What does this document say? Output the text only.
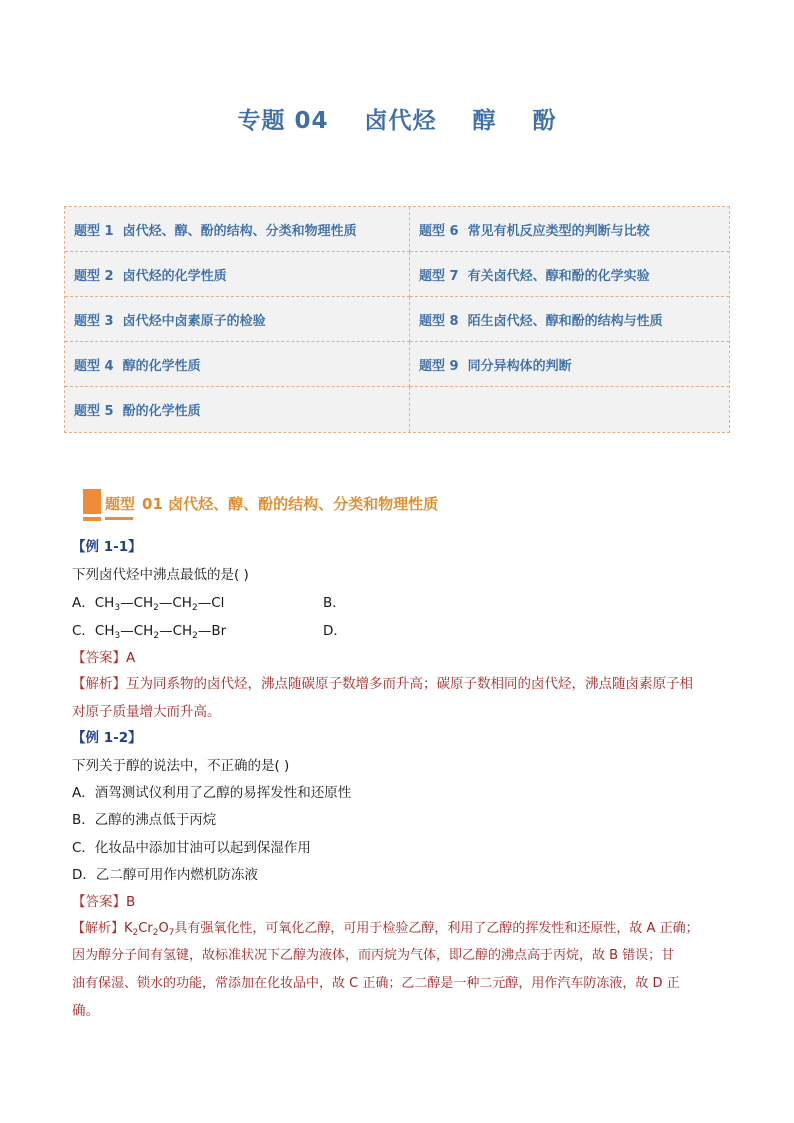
专题 04    卤代烃    醇    酚
题型 1 卤代烃、醇、酚的结构、分类和物理性质	题型 6 常见有机反应类型的判断与比较
题型 2 卤代烃的化学性质	题型 7 有关卤代烃、醇和酚的化学实验
题型 3 卤代烃中卤素原子的检验	题型 8 陌生卤代烃、醇和酚的结构与性质
题型 4 醇的化学性质	题型 9 同分异构体的判断
题型 5 酚的化学性质
题型 01 卤代烃、醇、酚的结构、分类和物理性质
【例 1-1】
下列卤代烃中沸点最低的是( )
A．$CH_3—CH_2—CH_2—Cl$	B．
C．$CH_3—CH_2—CH_2—Br$	D．
【答案】A
【解析】互为同系物的卤代烃，沸点随碳原子数增多而升高；碳原子数相同的卤代烃，沸点随卤素原子相
对原子质量增大而升高。
【例 1-2】
下列关于醇的说法中，不正确的是( )
A．酒驾测试仪利用了乙醇的易挥发性和还原性
B．乙醇的沸点低于丙烷
C．化妆品中添加甘油可以起到保湿作用
D．乙二醇可用作内燃机防冻液
【答案】B
【解析】$K_2Cr_2O_7$具有强氧化性，可氧化乙醇，可用于检验乙醇，利用了乙醇的挥发性和还原性，故 A 正确；
因为醇分子间有氢键，故标准状况下乙醇为液体，而丙烷为气体，即乙醇的沸点高于丙烷，故 B 错误；甘
油有保湿、锁水的功能，常添加在化妆品中，故 C 正确；乙二醇是一种二元醇，用作汽车防冻液，故 D 正
确。
